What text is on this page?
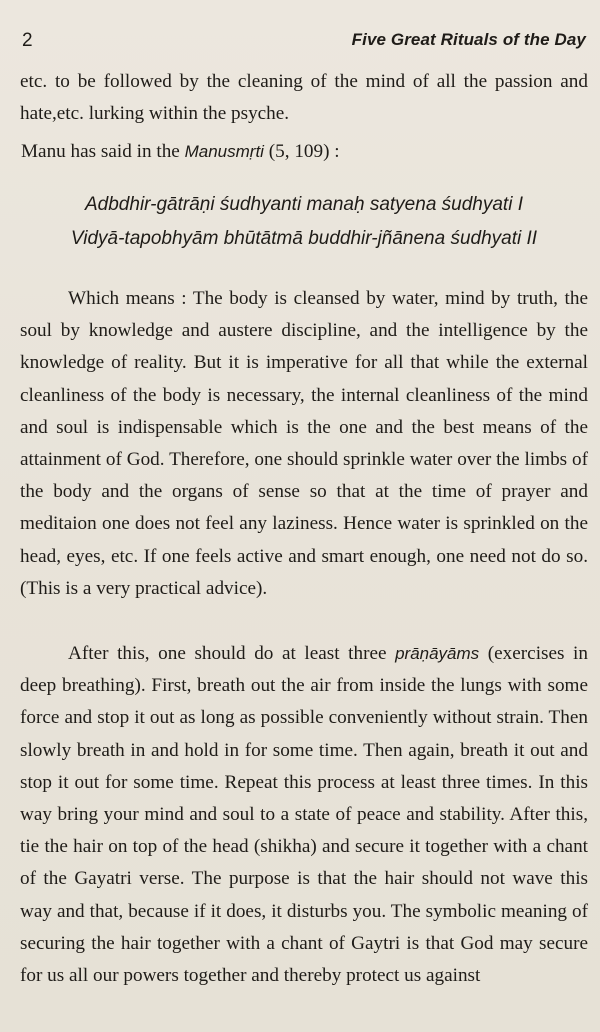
2	Five Great Rituals of the Day

etc. to be followed by the cleaning of the mind of all the passion and hate,etc. lurking within the psyche.

Manu has said in the Manusmṛti (5, 109) :

Adbdhir-gātrāṇi śudhyanti manaḥ satyena śudhyati I
Vidyā-tapobhyām bhūtātmā buddhir-jñānena śudhyati II

Which means : The body is cleansed by water, mind by truth, the soul by knowledge and austere discipline, and the intelligence by the knowledge of reality. But it is imperative for all that while the external cleanliness of the body is necessary, the internal cleanliness of the mind and soul is indispensable which is the one and the best means of the attainment of God. Therefore, one should sprinkle water over the limbs of the body and the organs of sense so that at the time of prayer and meditaion one does not feel any laziness. Hence water is sprinkled on the head, eyes, etc. If one feels active and smart enough, one need not do so. (This is a very practical advice).

After this, one should do at least three prāṇāyāms (exercises in deep breathing). First, breath out the air from inside the lungs with some force and stop it out as long as possible conveniently without strain. Then slowly breath in and hold in for some time. Then again, breath it out and stop it out for some time. Repeat this process at least three times. In this way bring your mind and soul to a state of peace and stability. After this, tie the hair on top of the head (shikha) and secure it together with a chant of the Gayatri verse. The purpose is that the hair should not wave this way and that, because if it does, it disturbs you. The symbolic meaning of securing the hair together with a chant of Gaytri is that God may secure for us all our powers together and thereby protect us against
